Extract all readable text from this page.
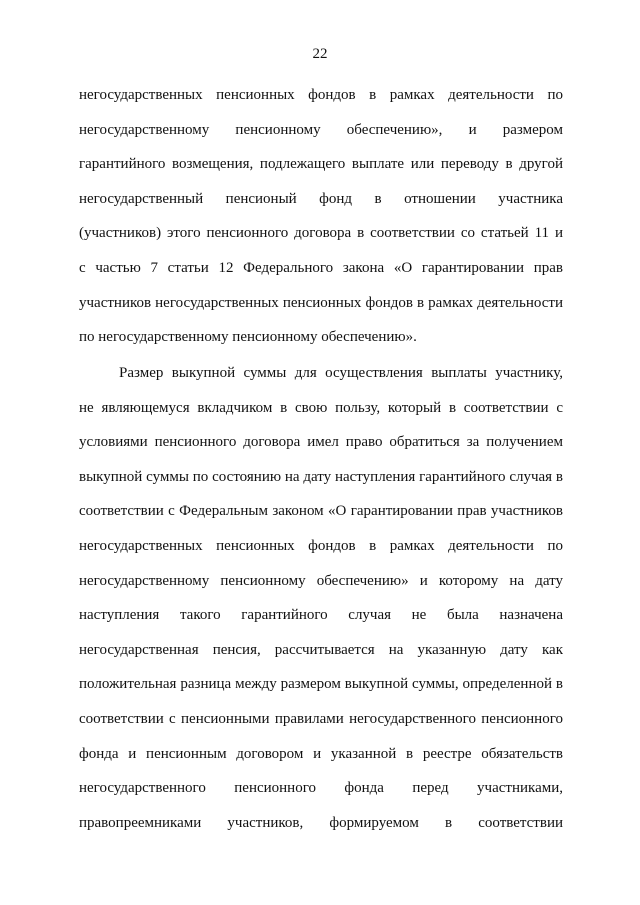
22
негосударственных пенсионных фондов в рамках деятельности по
негосударственному пенсионному обеспечению», и размером
гарантийного возмещения, подлежащего выплате или переводу в другой
негосударственный пенсионый фонд в отношении участника
(участников) этого пенсионного договора в соответствии со статьей 11 и
с частью 7 статьи 12 Федерального закона «О гарантировании прав
участников негосударственных пенсионных фондов в рамках деятельности
по негосударственному пенсионному обеспечению».
Размер выкупной суммы для осуществления выплаты участнику,
не являющемуся вкладчиком в свою пользу, который в соответствии с
условиями пенсионного договора имел право обратиться за получением
выкупной суммы по состоянию на дату наступления гарантийного случая в
соответствии с Федеральным законом «О гарантировании прав участников
негосударственных пенсионных фондов в рамках деятельности по
негосударственному пенсионному обеспечению» и которому на дату
наступления такого гарантийного случая не была назначена
негосударственная пенсия, рассчитывается на указанную дату как
положительная разница между размером выкупной суммы, определенной в
соответствии с пенсионными правилами негосударственного пенсионного
фонда и пенсионным договором и указанной в реестре обязательств
негосударственного пенсионного фонда перед участниками,
правопреемниками участников, формируемом в соответствии
